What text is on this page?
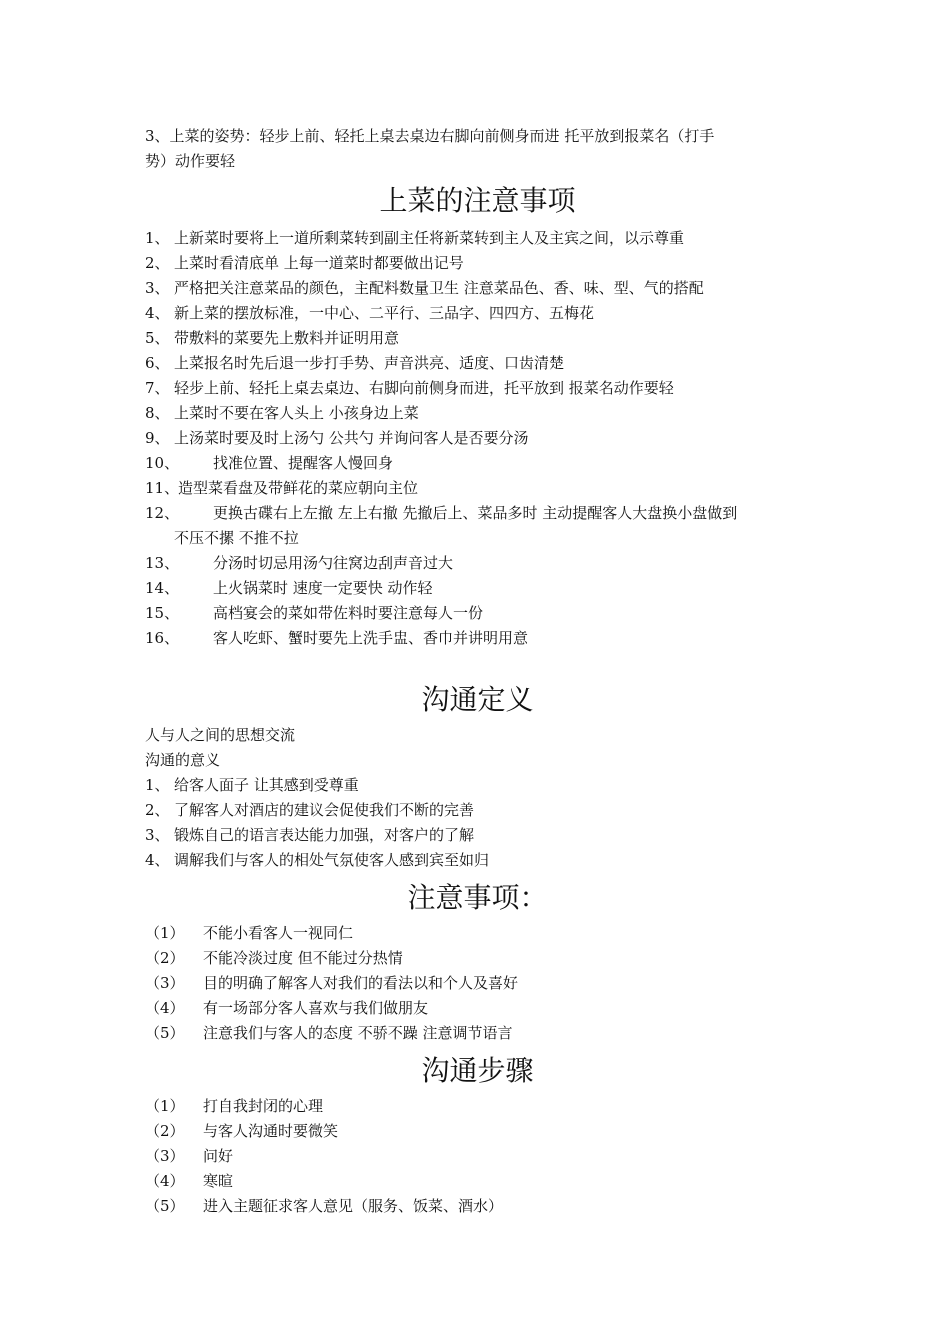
3、上菜的姿势：轻步上前、轻托上桌去桌边右脚向前侧身而进 托平放到报菜名（打手
势）动作要轻

上菜的注意事项
1、 上新菜时要将上一道所剩菜转到副主任将新菜转到主人及主宾之间，以示尊重
2、 上菜时看清底单 上每一道菜时都要做出记号
3、 严格把关注意菜品的颜色，主配料数量卫生 注意菜品色、香、味、型、气的搭配
4、 新上菜的摆放标准，一中心、二平行、三品字、四四方、五梅花
5、 带敷料的菜要先上敷料并证明用意
6、 上菜报名时先后退一步打手势、声音洪亮、适度、口齿清楚
7、 轻步上前、轻托上桌去桌边、右脚向前侧身而进，托平放到 报菜名动作要轻
8、 上菜时不要在客人头上 小孩身边上菜
9、 上汤菜时要及时上汤勺 公共勺 并询问客人是否要分汤
10、 找准位置、提醒客人慢回身
11、造型菜看盘及带鲜花的菜应朝向主位
12、 更换古碟右上左撤 左上右撤 先撤后上、菜品多时 主动提醒客人大盘换小盘做到
不压不摞 不推不拉
13、 分汤时切忌用汤勺往窝边刮声音过大
14、 上火锅菜时 速度一定要快 动作轻
15、 高档宴会的菜如带佐料时要注意每人一份
16、 客人吃虾、蟹时要先上洗手盅、香巾并讲明用意
沟通定义

人与人之间的思想交流

沟通的意义

1、 给客人面子 让其感到受尊重
2、 了解客人对酒店的建议会促使我们不断的完善
3、 锻炼自己的语言表达能力加强，对客户的了解
4、 调解我们与客人的相处气氛使客人感到宾至如归
注意事项：
（1） 不能小看客人一视同仁
（2） 不能冷淡过度 但不能过分热情
（3） 目的明确了解客人对我们的看法以和个人及喜好
（4） 有一场部分客人喜欢与我们做朋友
（5） 注意我们与客人的态度 不骄不躁 注意调节语言
沟通步骤
（1） 打自我封闭的心理
（2） 与客人沟通时要微笑
（3） 问好
（4） 寒暄
（5） 进入主题征求客人意见（服务、饭菜、酒水）
